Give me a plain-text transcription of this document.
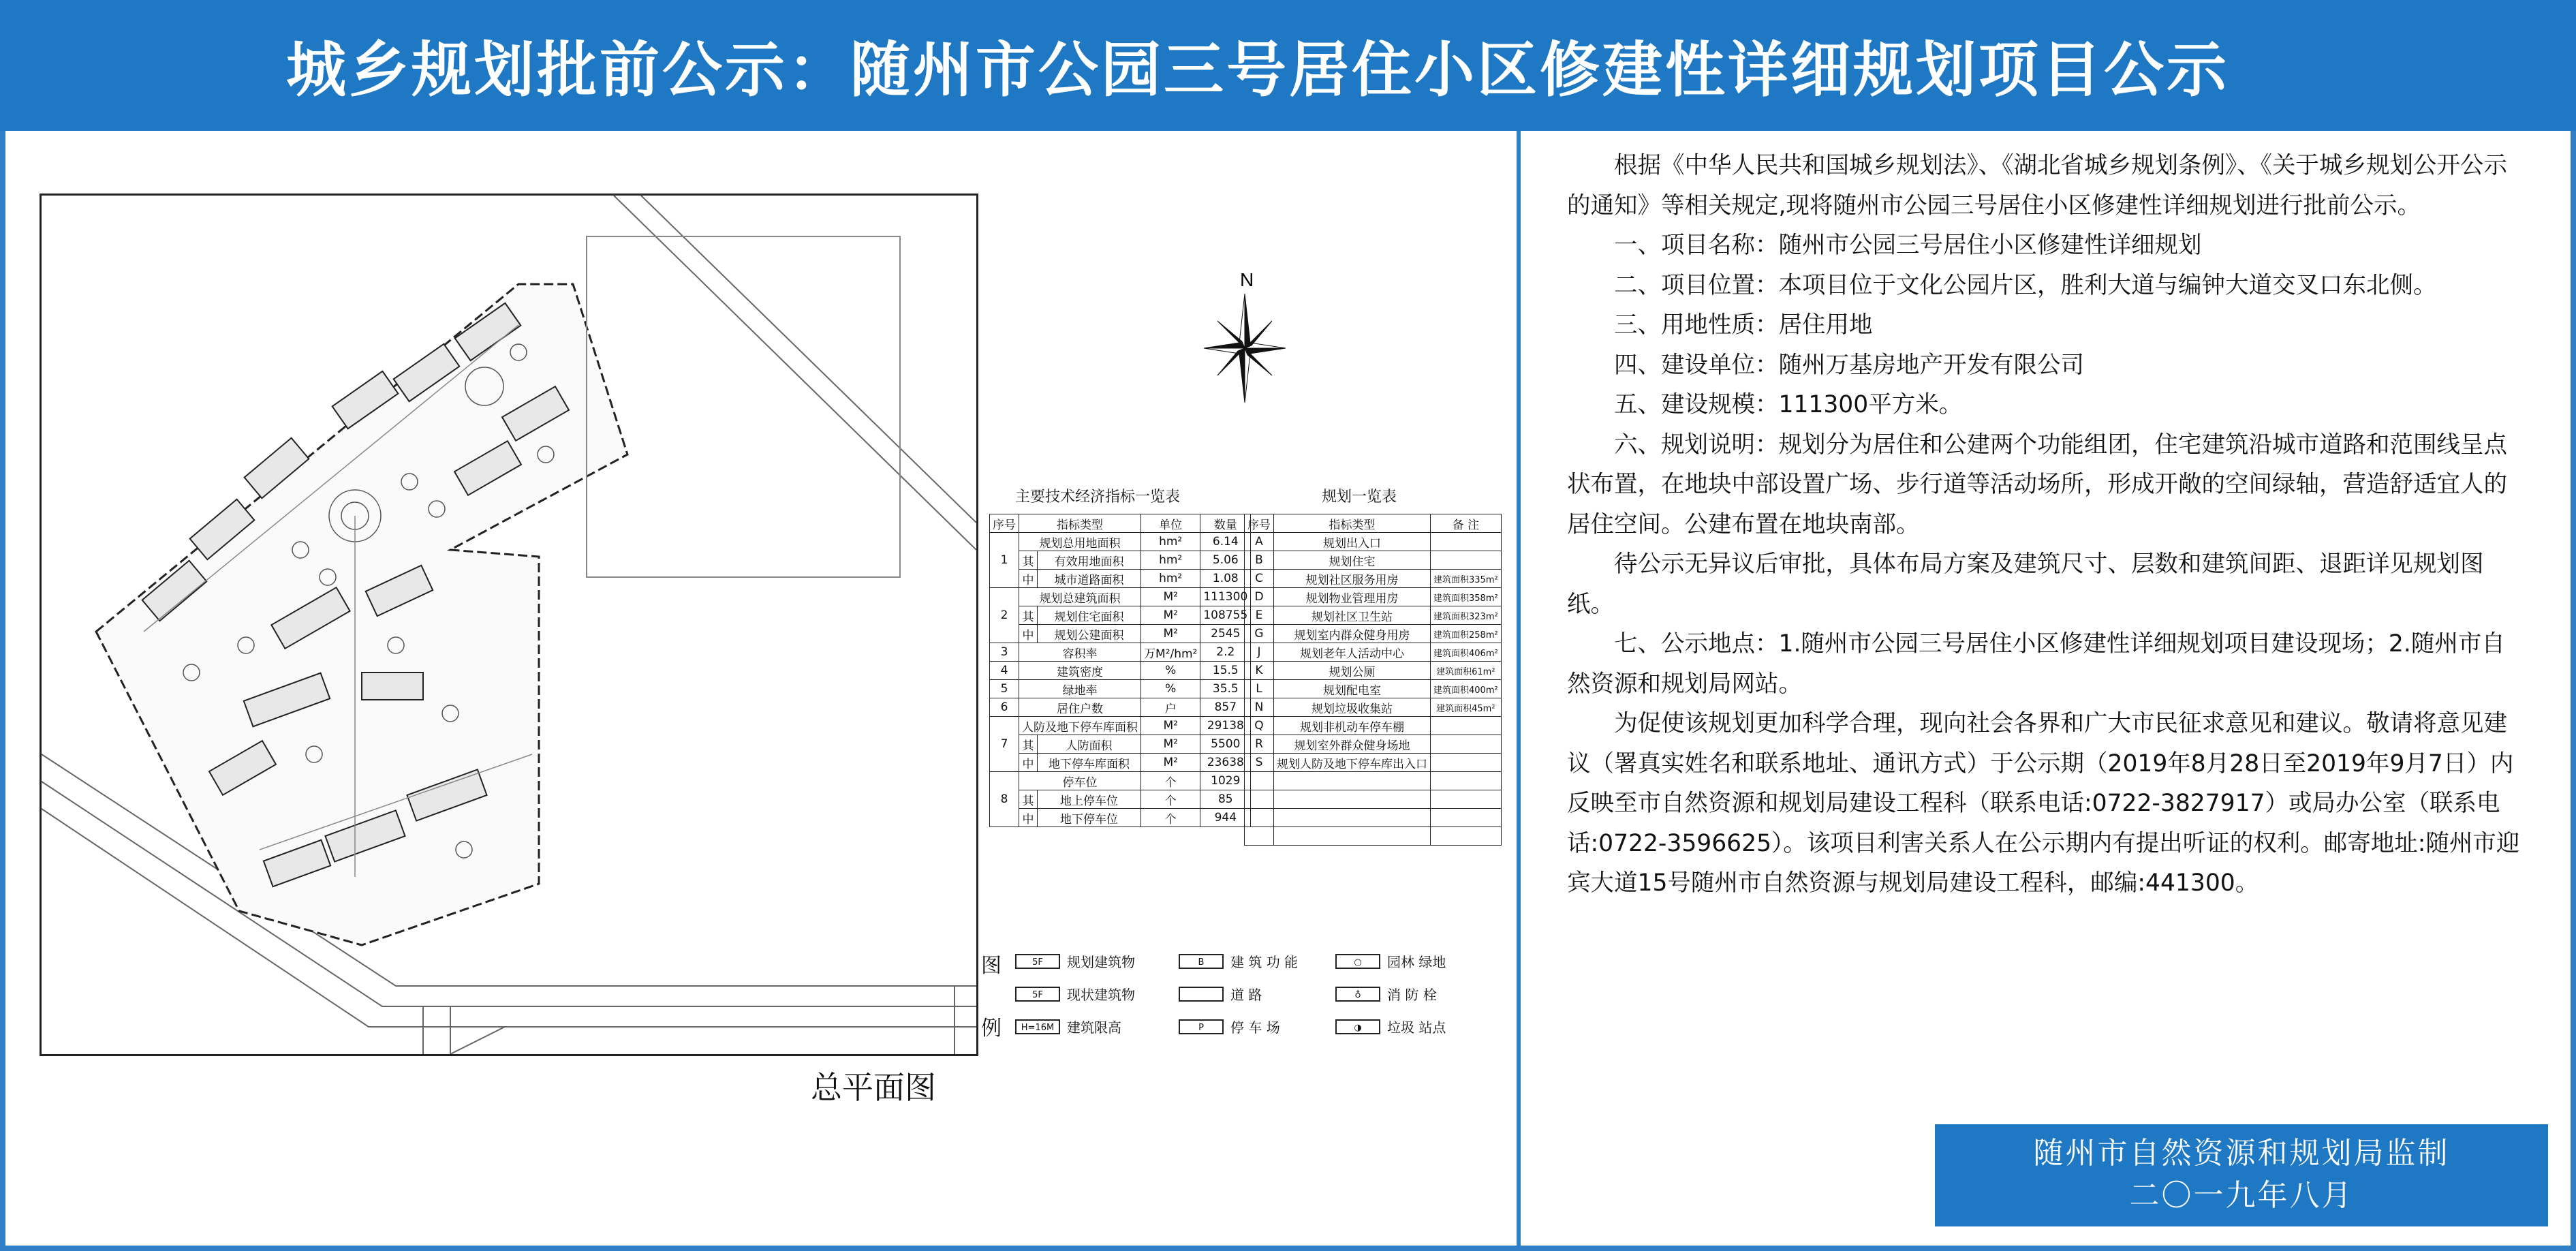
城乡规划批前公示：随州市公园三号居住小区修建性详细规划项目公示
总平面图
N
主要技术经济指标一览表
序号	指标类型		单位	数量
1	规划总用地面积		hm²	6.14
	其	有效用地面积	hm²	5.06
	中	城市道路面积	hm²	1.08
2	规划总建筑面积		M²	111300
	其	规划住宅面积	M²	108755
	中	规划公建面积	M²	2545
3	容积率		万M²/hm²	2.2
4	建筑密度		%	15.5
5	绿地率		%	35.5
6	居住户数		户	857
7	人防及地下停车库面积		M²	29138
	其	人防面积	M²	5500
	中	地下停车库面积	M²	23638
8	停车位		个	1029
	其	地上停车位	个	85
	中	地下停车位	个	944
规划一览表
序号	指标类型	备 注
A	规划出入口	
B	规划住宅	
C	规划社区服务用房	建筑面积335m²
D	规划物业管理用房	建筑面积358m²
E	规划社区卫生站	建筑面积323m²
G	规划室内群众健身用房	建筑面积258m²
J	规划老年人活动中心	建筑面积406m²
K	规划公厕	建筑面积61m²
L	规划配电室	建筑面积400m²
N	规划垃圾收集站	建筑面积45m²
Q	规划非机动车停车棚	
R	规划室外群众健身场地	
S	规划人防及地下停车库出入口	

图
例
5F	规划建筑物	B	建 筑 功 能	○	园林 绿地
5F	现状建筑物	道 路	♁	消 防 栓
H=16M 建筑限高	P	停 车 场	◑	垃圾 站点

根据《中华人民共和国城乡规划法》、《湖北省城乡规划条例》、《关于城乡规划公开公示的通知》等相关规定,现将随州市公园三号居住小区修建性详细规划进行批前公示。

一、项目名称：随州市公园三号居住小区修建性详细规划

二、项目位置：本项目位于文化公园片区，胜利大道与编钟大道交叉口东北侧。

三、用地性质：居住用地

四、建设单位：随州万基房地产开发有限公司

五、建设规模：111300平方米。

六、规划说明：规划分为居住和公建两个功能组团，住宅建筑沿城市道路和范围线呈点状布置，在地块中部设置广场、步行道等活动场所，形成开敞的空间绿轴，营造舒适宜人的居住空间。公建布置在地块南部。

待公示无异议后审批，具体布局方案及建筑尺寸、层数和建筑间距、退距详见规划图纸。

七、公示地点：1.随州市公园三号居住小区修建性详细规划项目建设现场；2.随州市自然资源和规划局网站。

为促使该规划更加科学合理，现向社会各界和广大市民征求意见和建议。敬请将意见建议（署真实姓名和联系地址、通讯方式）于公示期（2019年8月28日至2019年9月7日）内反映至市自然资源和规划局建设工程科（联系电话:0722-3827917）或局办公室（联系电话:0722-3596625）。该项目利害关系人在公示期内有提出听证的权利。邮寄地址:随州市迎宾大道15号随州市自然资源与规划局建设工程科，邮编:441300。

随州市自然资源和规划局监制
二〇一九年八月
